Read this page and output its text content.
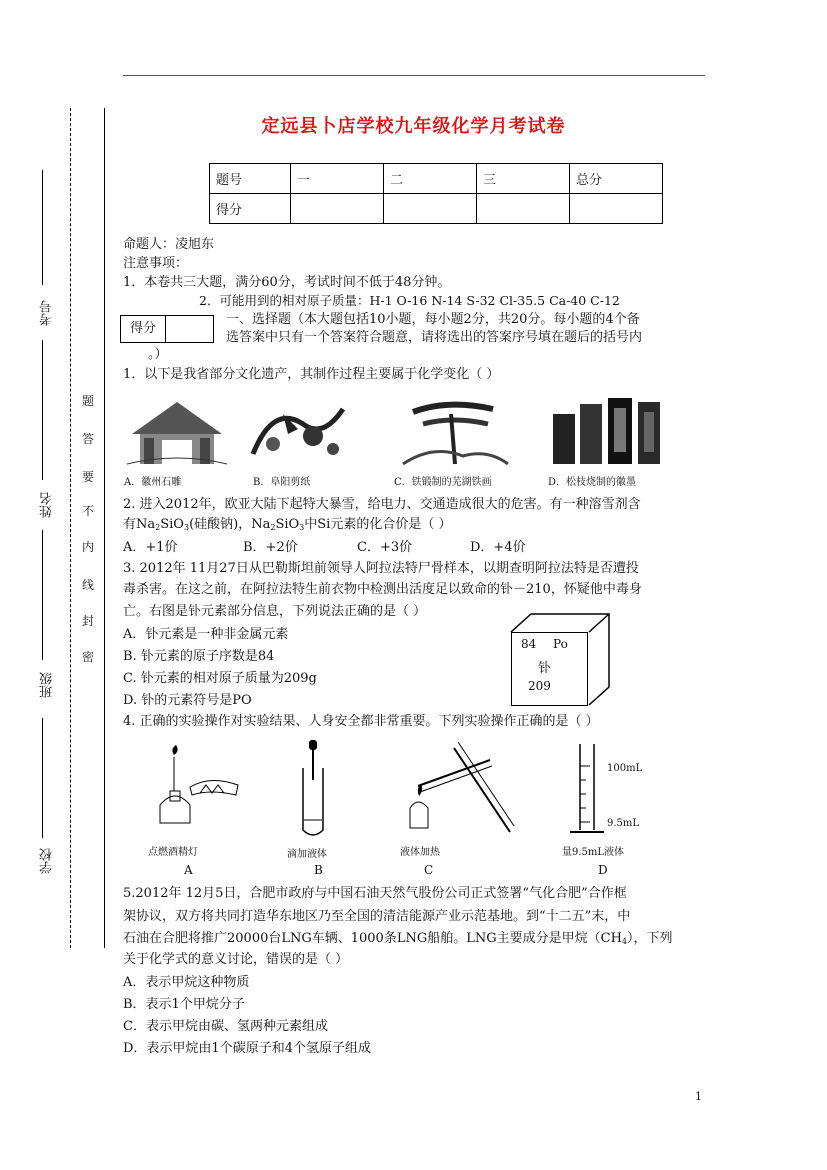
定远县卜店学校九年级化学月考试卷
考号
姓名
班级
学校
题
答
要
不
内
线
封
密
题号	一	二	三	总分
得分				
命题人：凌旭东
注意事项：
1．本卷共三大题，满分60分，考试时间不低于48分钟。
2．可能用到的相对原子质量：H-1 O-16 N-14 S-32 Cl-35.5 Ca-40 C-12
得分
一、选择题（本大题包括10小题，每小题2分，共20分。每小题的4个备
选答案中只有一个答案符合题意，请将选出的答案序号填在题后的括号内
。）
1．以下是我省部分文化遗产，其制作过程主要属于化学变化（ ）
A．徽州石雕	B．阜阳剪纸	C．铁锻制的芜湖铁画	D．松枝烧制的徽墨
2. 进入2012年，欧亚大陆下起特大暴雪，给电力、交通造成很大的危害。有一种溶雪剂含
有$Na_2SiO_3$(硅酸钠)，$Na_2SiO_3$中Si元素的化合价是（ ）
A．+1价	B．+2价	C．+3价	D．+4价
3. 2012年 11月27日从巴勒斯坦前领导人阿拉法特尸骨样本，以期查明阿拉法特是否遭投
毒杀害。在这之前，在阿拉法特生前衣物中检测出活度足以致命的钋－210，怀疑他中毒身
亡。右图是钋元素部分信息，下列说法正确的是（ ）
A．钋元素是一种非金属元素
B. 钋元素的原子序数是84
C. 钋元素的相对原子质量为209g
D. 钋的元素符号是PO
84 Po
钋
209
4. 正确的实验操作对实验结果、人身安全都非常重要。下列实验操作正确的是（ ）
点燃酒精灯
A
滴加液体
B
液体加热
C
100mL
9.5mL
量9.5mL液体
D
5.2012年 12月5日，合肥市政府与中国石油天然气股份公司正式签署“气化合肥”合作框
架协议，双方将共同打造华东地区乃至全国的清洁能源产业示范基地。到“十二五”末，中
石油在合肥将推广20000台LNG车辆、1000条LNG船舶。LNG主要成分是甲烷$(CH_4)$，下列
关于化学式的意义讨论，错误的是（ ）
A．表示甲烷这种物质
B．表示1个甲烷分子
C．表示甲烷由碳、氢两种元素组成
D．表示甲烷由1个碳原子和4个氢原子组成
1
